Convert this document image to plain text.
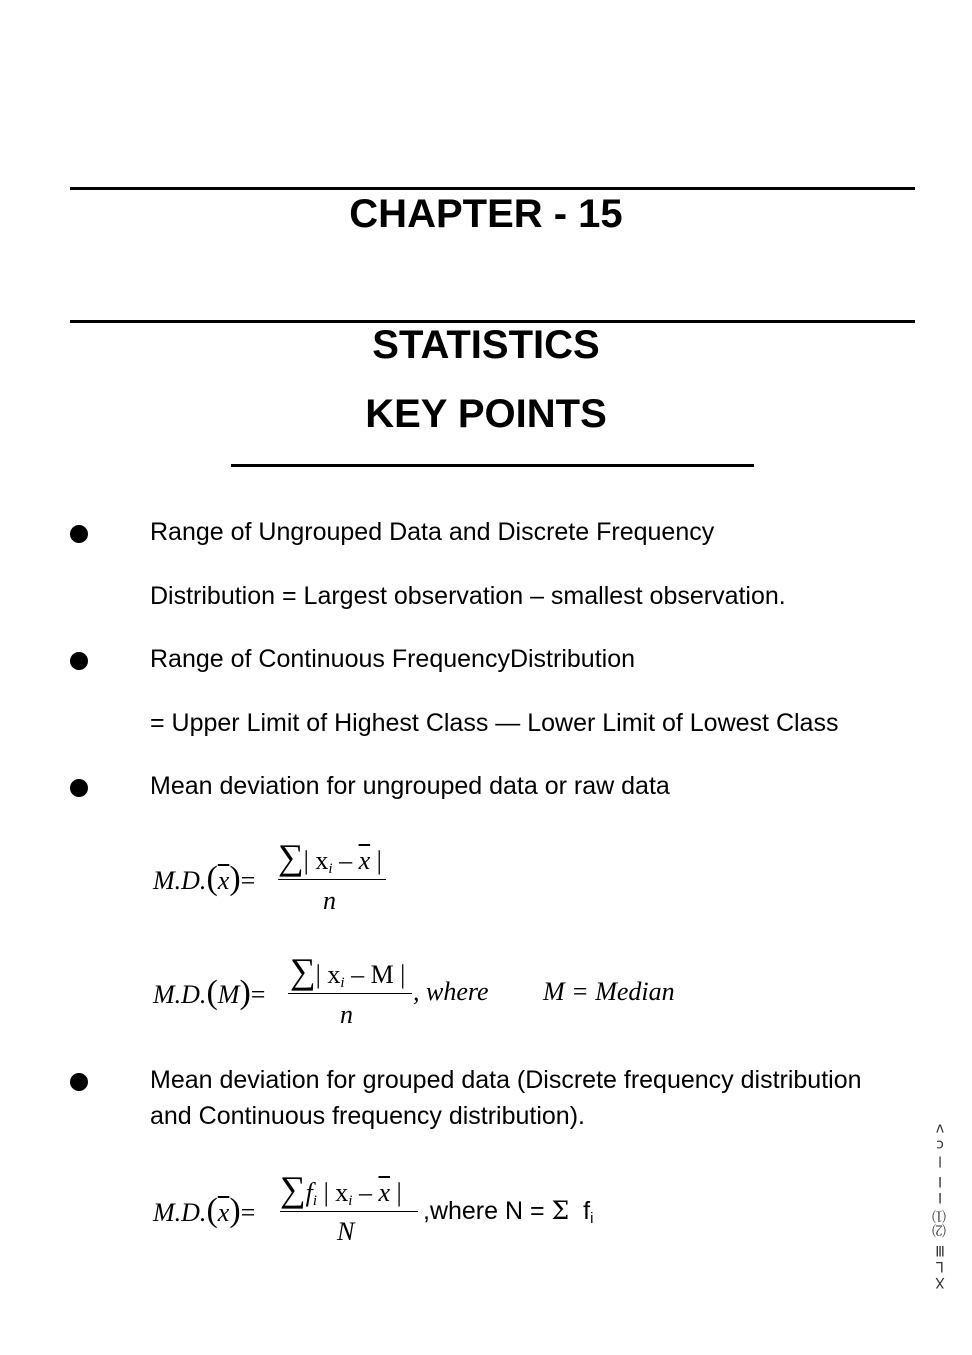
CHAPTER - 15
STATISTICS
KEY POINTS
Range of Ungrouped Data and Discrete Frequency
Distribution = Largest observation – smallest observation.
Range of Continuous FrequencyDistribution
= Upper Limit of Highest Class — Lower Limit of Lowest Class
Mean deviation for ungrouped data or raw data
$M.D.(\overline{x})=$
∑| $x_i - \overline{x}$ |
n
M.D.(M)=
∑| $x_i$ – M |
n
, where M = Median
Mean deviation for grouped data (Discrete frequency distribution
and Continuous frequency distribution).
$M.D.(\overline{x})=$
$\sum f_i$ | $x_i - \overline{x}$ |
N
,where N = Σ fi	ⅩⅬⅢ ⑵⑴ ⅠⅠ ⅼⅽⅴ
